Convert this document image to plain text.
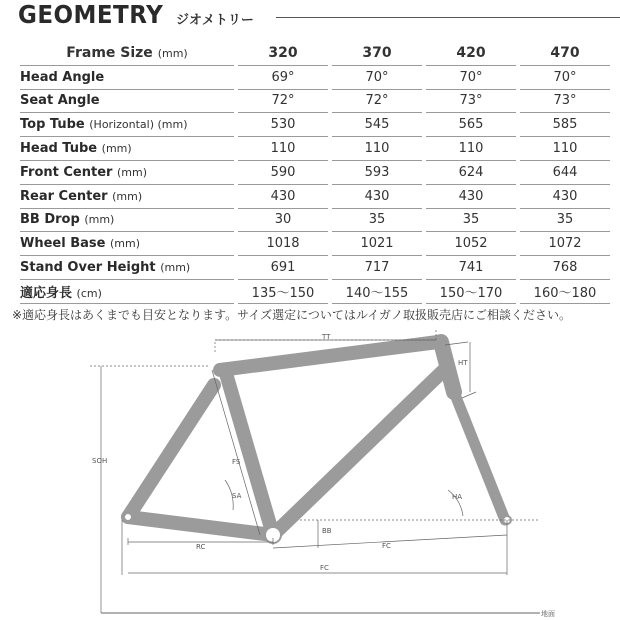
GEOMETRY ジオメトリー
Frame Size (mm)		320		370		420		470
Head Angle		69°		70°		70°		70°
Seat Angle		72°		72°		73°		73°
Top Tube (Horizontal) (mm)		530		545		565		585
Head Tube (mm)		110		110		110		110
Front Center (mm)		590		593		624		644
Rear Center (mm)		430		430		430		430
BB Drop (mm)		30		35		35		35
Wheel Base (mm)		1018		1021		1052		1072
Stand Over Height (mm)		691		717		741		768
適応身長 (cm)		135〜150		140〜155		150〜170		160〜180
※適応身長はあくまでも目安となります。サイズ選定についてはルイガノ取扱販売店にご相談ください。
TT
HT
SOH	FS
SA	HA
BB
RC	FC
FC
地面
